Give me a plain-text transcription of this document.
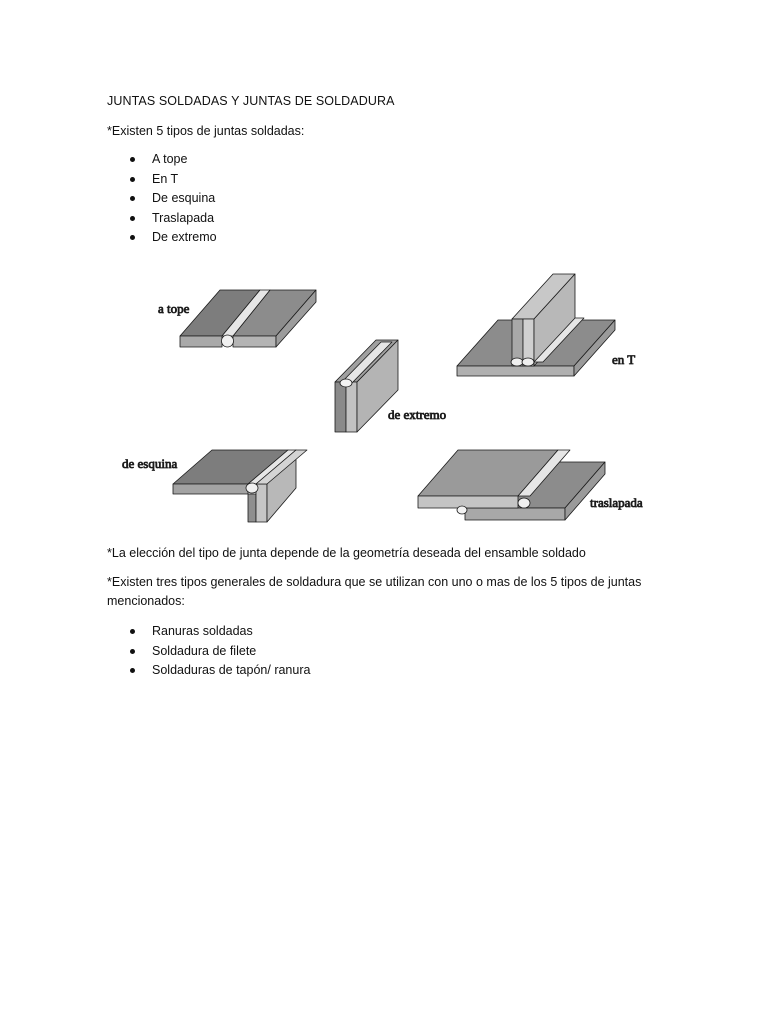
JUNTAS SOLDADAS Y JUNTAS DE SOLDADURA
*Existen 5 tipos de juntas soldadas:
A tope
En T
De esquina
Traslapada
De extremo
a tope
de extremo
en T
de esquina
traslapada
*La elección del tipo de junta depende de la geometría deseada del ensamble soldado
*Existen tres tipos generales de soldadura que se utilizan con uno o mas de los 5 tipos de juntas mencionados:
Ranuras soldadas
Soldadura de filete
Soldaduras de tapón/ ranura
